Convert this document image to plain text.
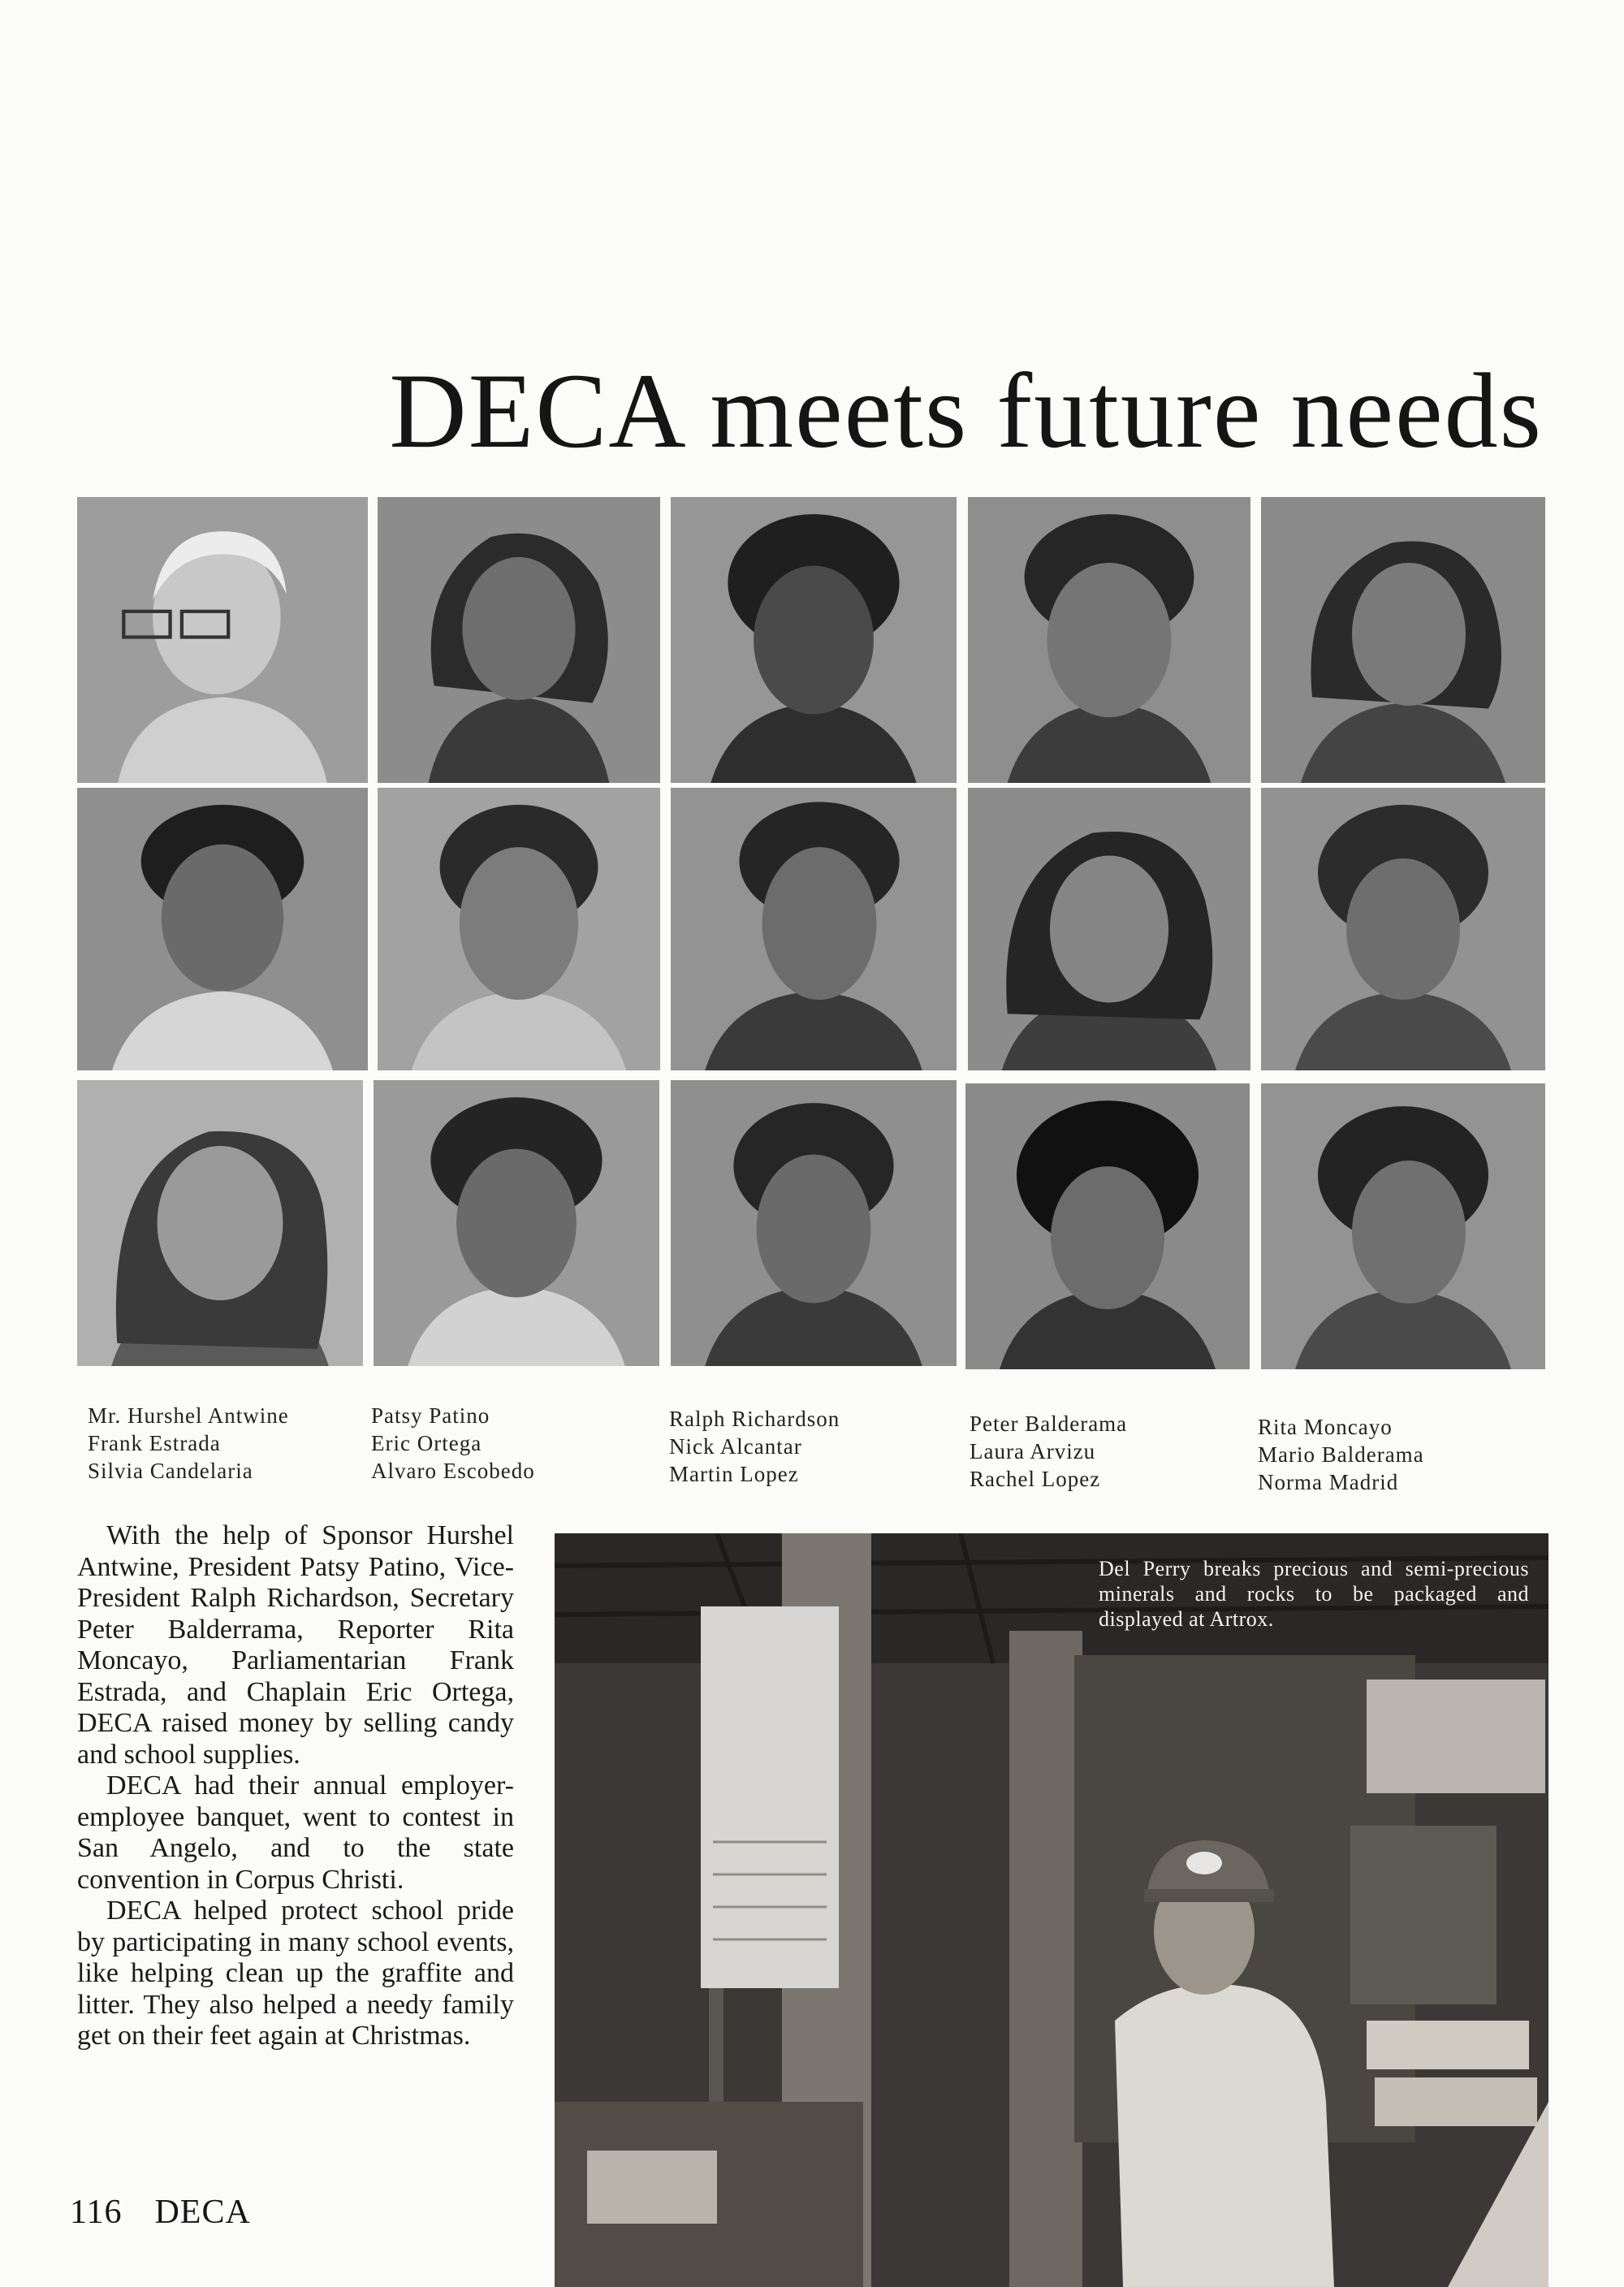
DECA meets future needs
Mr. Hurshel Antwine
Frank Estrada
Silvia Candelaria
Patsy Patino
Eric Ortega
Alvaro Escobedo
Ralph Richardson
Nick Alcantar
Martin Lopez
Peter Balderama
Laura Arvizu
Rachel Lopez
Rita Moncayo
Mario Balderama
Norma Madrid

With the help of Sponsor Hurshel Antwine, President Patsy Patino, Vice-President Ralph Richardson, Secretary Peter Balderrama, Reporter Rita Moncayo, Parliamentarian Frank Estrada, and Chaplain Eric Ortega, DECA raised money by selling candy and school supplies.

DECA had their annual employer-employee banquet, went to contest in San Angelo, and to the state convention in Corpus Christi.

DECA helped protect school pride by participating in many school events, like helping clean up the graffite and litter. They also helped a needy family get on their feet again at Christmas.

Del Perry breaks precious and semi-precious minerals and rocks to be packaged and displayed at Artrox.
116 DECA
